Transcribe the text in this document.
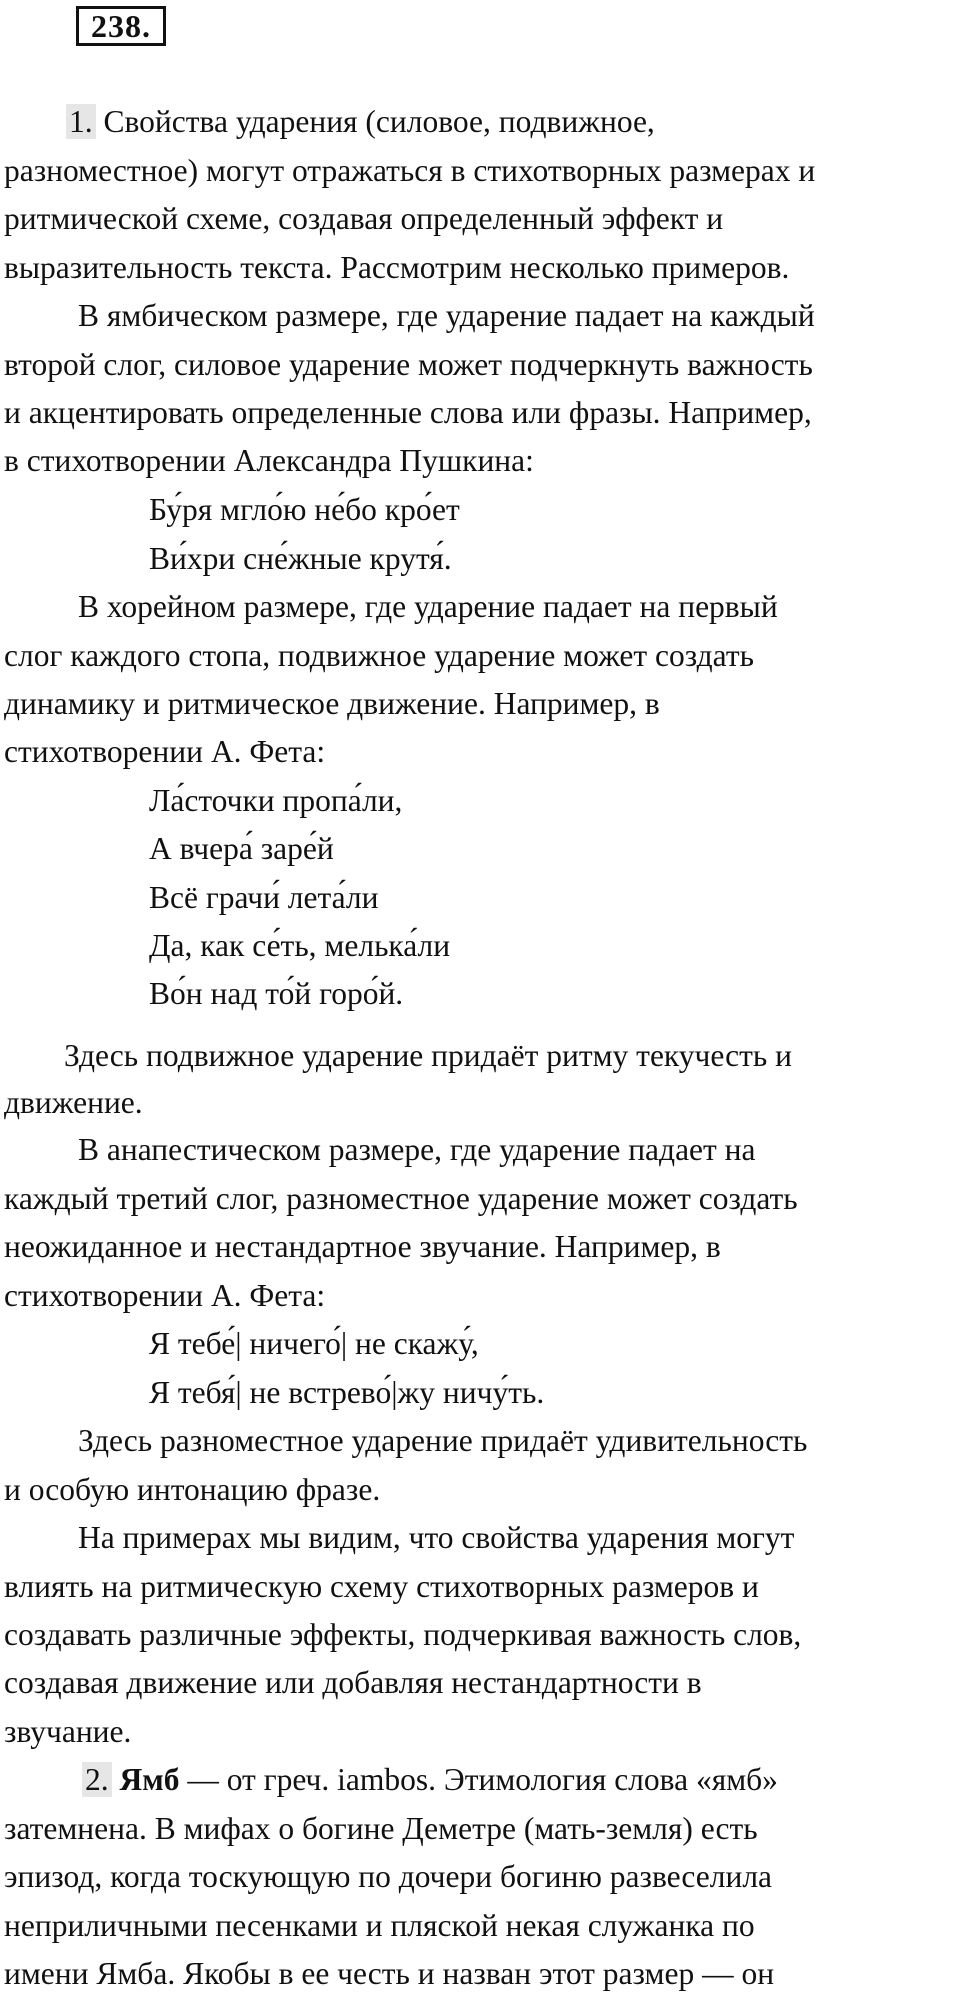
238.
1. Свойства ударения (силовое, подвижное,
разноместное) могут отражаться в стихотворных размерах и
ритмической схеме, создавая определенный эффект и
выразительность текста. Рассмотрим несколько примеров.
В ямбическом размере, где ударение падает на каждый
второй слог, силовое ударение может подчеркнуть важность
и акцентировать определенные слова или фразы. Например,
в стихотворении Александра Пушкина:
Бу́ря мгло́ю не́бо кро́ет
Ви́хри сне́жные крутя́.
В хорейном размере, где ударение падает на первый
слог каждого стопа, подвижное ударение может создать
динамику и ритмическое движение. Например, в
стихотворении А. Фета:
Ла́сточки пропа́ли,
А вчера́ заре́й
Всё грачи́ лета́ли
Да, как се́ть, мелька́ли
Во́н над то́й горо́й.
Здесь подвижное ударение придаёт ритму текучесть и
движение.
В анапестическом размере, где ударение падает на
каждый третий слог, разноместное ударение может создать
неожиданное и нестандартное звучание. Например, в
стихотворении А. Фета:
Я тебе́| ничего́| не скажу́,
Я тебя́| не встрево́|жу ничу́ть.
Здесь разноместное ударение придаёт удивительность
и особую интонацию фразе.
На примерах мы видим, что свойства ударения могут
влиять на ритмическую схему стихотворных размеров и
создавать различные эффекты, подчеркивая важность слов,
создавая движение или добавляя нестандартности в
звучание.
2. Ямб — от греч. iambos. Этимология слова «ямб»
затемнена. В мифах о богине Деметре (мать-земля) есть
эпизод, когда тоскующую по дочери богиню развеселила
неприличными песенками и пляской некая служанка по
имени Ямба. Якобы в ее честь и назван этот размер — он
